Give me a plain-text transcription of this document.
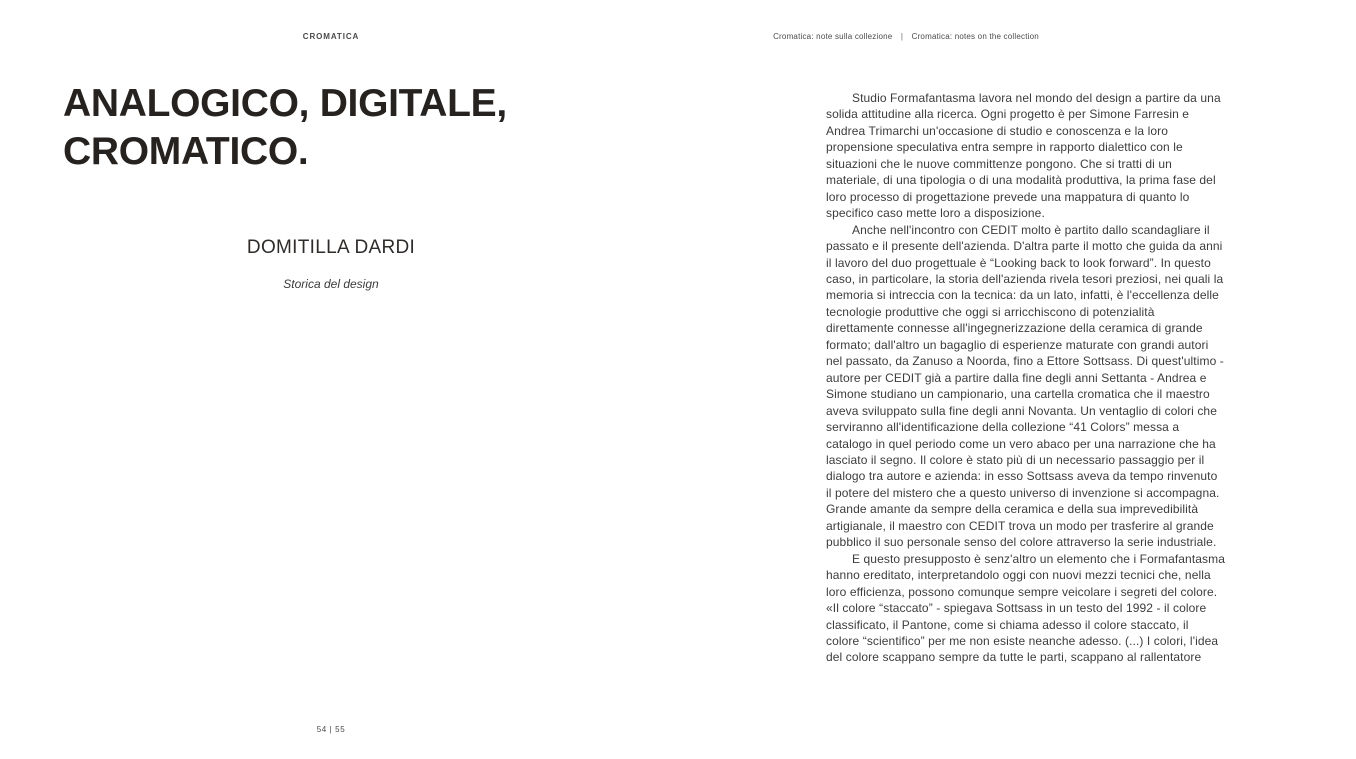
CROMATICA	Cromatica: note sulla collezione | Cromatica: notes on the collection
ANALOGICO, DIGITALE,
CROMATICO.
DOMITILLA DARDI
Storica del design

Studio Formafantasma lavora nel mondo del design a partire da una solida attitudine alla ricerca. Ogni progetto è per Simone Farresin e Andrea Trimarchi un'occasione di studio e conoscenza e la loro propensione speculativa entra sempre in rapporto dialettico con le situazioni che le nuove committenze pongono. Che si tratti di un materiale, di una tipologia o di una modalità produttiva, la prima fase del loro processo di progettazione prevede una mappatura di quanto lo specifico caso mette loro a disposizione.

Anche nell'incontro con CEDIT molto è partito dallo scandagliare il passato e il presente dell'azienda. D'altra parte il motto che guida da anni il lavoro del duo progettuale è “Looking back to look forward”. In questo caso, in particolare, la storia dell'azienda rivela tesori preziosi, nei quali la memoria si intreccia con la tecnica: da un lato, infatti, è l'eccellenza delle tecnologie produttive che oggi si arricchiscono di potenzialità direttamente connesse all'ingegnerizzazione della ceramica di grande formato; dall'altro un bagaglio di esperienze maturate con grandi autori nel passato, da Zanuso a Noorda, fino a Ettore Sottsass. Di quest'ultimo - autore per CEDIT già a partire dalla fine degli anni Settanta - Andrea e Simone studiano un campionario, una cartella cromatica che il maestro aveva sviluppato sulla fine degli anni Novanta. Un ventaglio di colori che serviranno all'identificazione della collezione “41 Colors” messa a catalogo in quel periodo come un vero abaco per una narrazione che ha lasciato il segno. Il colore è stato più di un necessario passaggio per il dialogo tra autore e azienda: in esso Sottsass aveva da tempo rinvenuto il potere del mistero che a questo universo di invenzione si accompagna. Grande amante da sempre della ceramica e della sua imprevedibilità artigianale, il maestro con CEDIT trova un modo per trasferire al grande pubblico il suo personale senso del colore attraverso la serie industriale.

E questo presupposto è senz'altro un elemento che i Formafantasma hanno ereditato, interpretandolo oggi con nuovi mezzi tecnici che, nella loro efficienza, possono comunque sempre veicolare i segreti del colore. «Il colore “staccato” - spiegava Sottsass in un testo del 1992 - il colore classificato, il Pantone, come si chiama adesso il colore staccato, il colore “scientifico” per me non esiste neanche adesso. (...) I colori, l'idea del colore scappano sempre da tutte le parti, scappano al rallentatore

54 | 55
